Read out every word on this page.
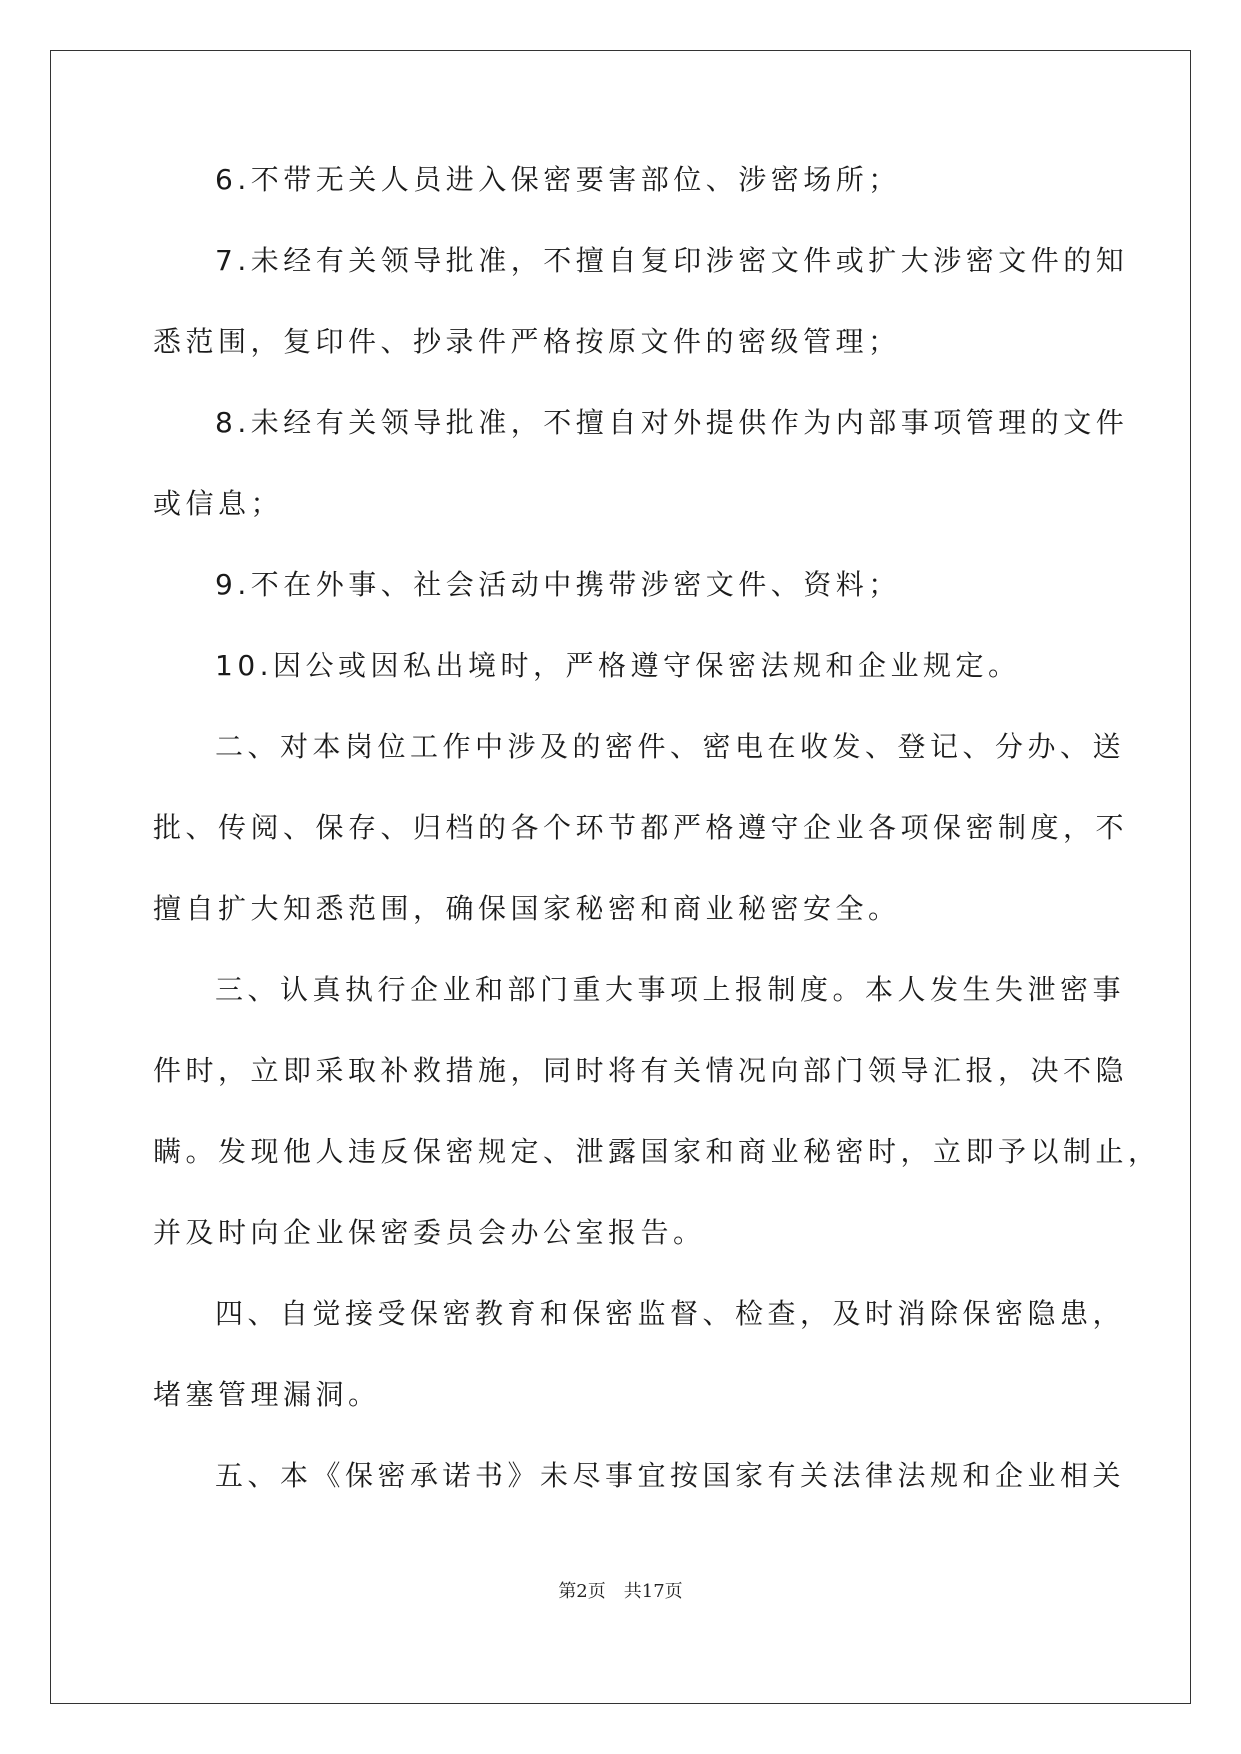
6.不带无关人员进入保密要害部位、涉密场所；

7.未经有关领导批准，不擅自复印涉密文件或扩大涉密文件的知

悉范围，复印件、抄录件严格按原文件的密级管理；

8.未经有关领导批准，不擅自对外提供作为内部事项管理的文件

或信息；

9.不在外事、社会活动中携带涉密文件、资料；

10.因公或因私出境时，严格遵守保密法规和企业规定。

二、对本岗位工作中涉及的密件、密电在收发、登记、分办、送

批、传阅、保存、归档的各个环节都严格遵守企业各项保密制度，不

擅自扩大知悉范围，确保国家秘密和商业秘密安全。

三、认真执行企业和部门重大事项上报制度。本人发生失泄密事

件时，立即采取补救措施，同时将有关情况向部门领导汇报，决不隐

瞒。发现他人违反保密规定、泄露国家和商业秘密时，立即予以制止，

并及时向企业保密委员会办公室报告。

四、自觉接受保密教育和保密监督、检查，及时消除保密隐患，

堵塞管理漏洞。

五、本《保密承诺书》未尽事宜按国家有关法律法规和企业相关

第2页 共17页
